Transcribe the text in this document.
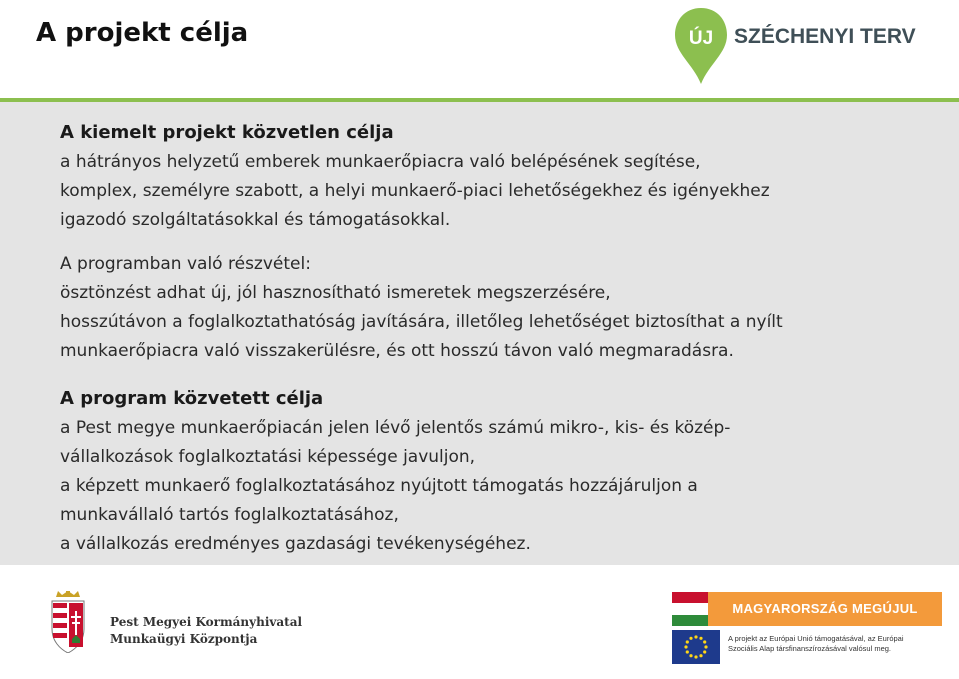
A projekt célja	ÚJ SZÉCHENYI TERV
A kiemelt projekt közvetlen célja
a hátrányos helyzetű emberek munkaerőpiacra való belépésének segítése,
komplex, személyre szabott, a helyi munkaerő-piaci lehetőségekhez és igényekhez
igazodó szolgáltatásokkal és támogatásokkal.
A programban való részvétel:
ösztönzést adhat új, jól hasznosítható ismeretek megszerzésére,
hosszútávon a foglalkoztathatóság javítására, illetőleg lehetőséget biztosíthat a nyílt
munkaerőpiacra való visszakerülésre, és ott hosszú távon való megmaradásra.
A program közvetett célja
a Pest megye munkaerőpiacán jelen lévő jelentős számú mikro-, kis- és közép-
vállalkozások foglalkoztatási képessége javuljon,
a képzett munkaerő foglalkoztatásához nyújtott támogatás hozzájáruljon a
munkavállaló tartós foglalkoztatásához,
a vállalkozás eredményes gazdasági tevékenységéhez.
Pest Megyei Kormányhivatal
Munkaügyi Központja
MAGYARORSZÁG MEGÚJUL
A projekt az Európai Unió támogatásával, az Európai
Szociális Alap társfinanszírozásával valósul meg.
